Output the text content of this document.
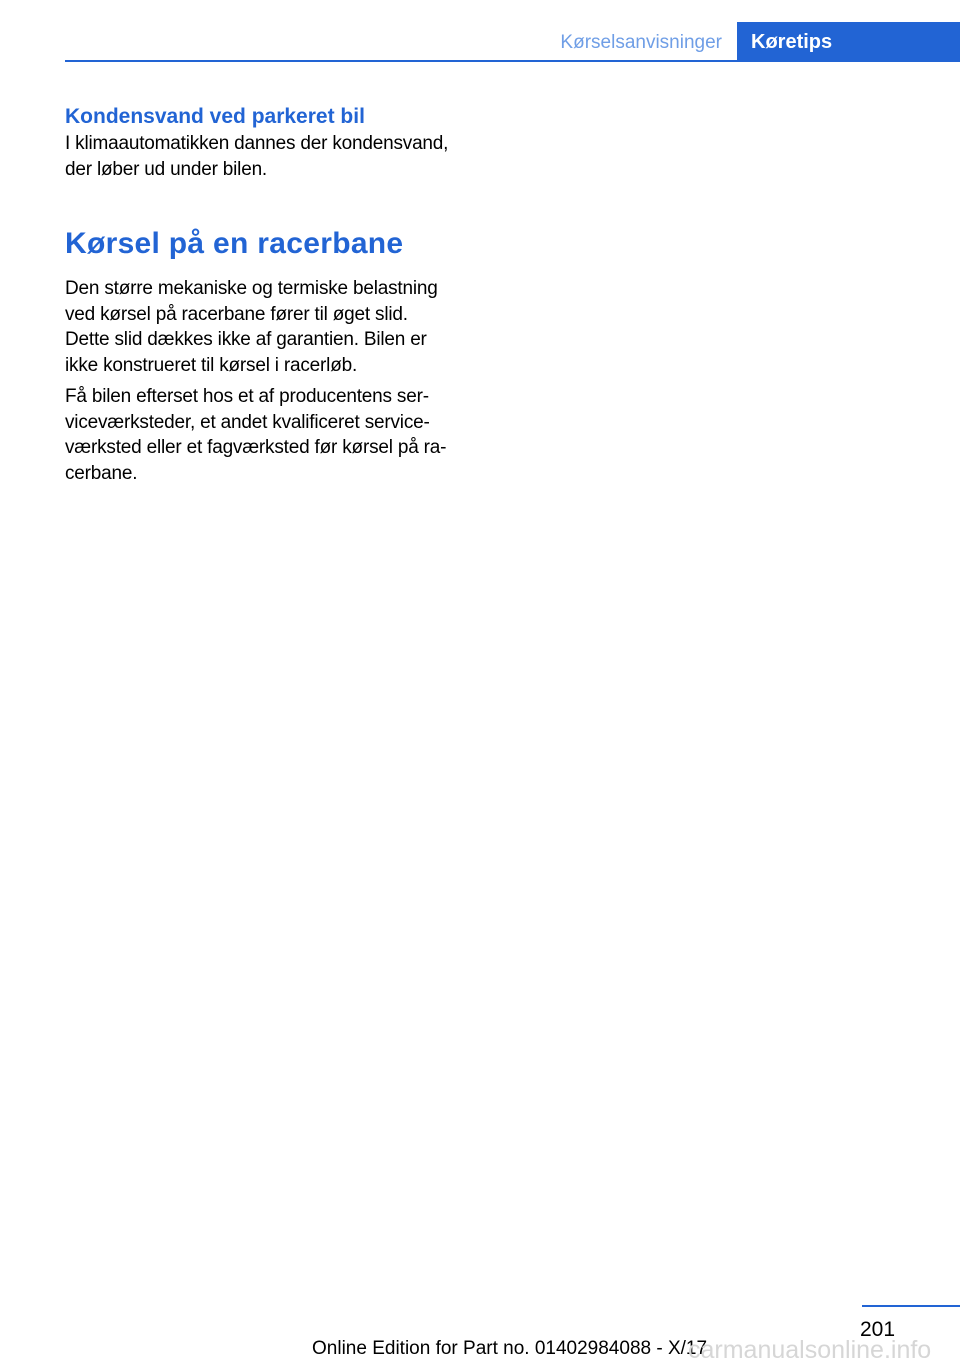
Kørselsanvisninger	Køretips
Kondensvand ved parkeret bil

I klimaautomatikken dannes der kondensvand,
der løber ud under bilen.

Kørsel på en racerbane

Den større mekaniske og termiske belastning
ved kørsel på racerbane fører til øget slid.
Dette slid dækkes ikke af garantien. Bilen er
ikke konstrueret til kørsel i racerløb.

Få bilen efterset hos et af producentens ser‐
viceværksteder, et andet kvalificeret service‐
værksted eller et fagværksted før kørsel på ra‐
cerbane.

201
Online Edition for Part no. 01402984088 - X/17
carmanualsonline.info
